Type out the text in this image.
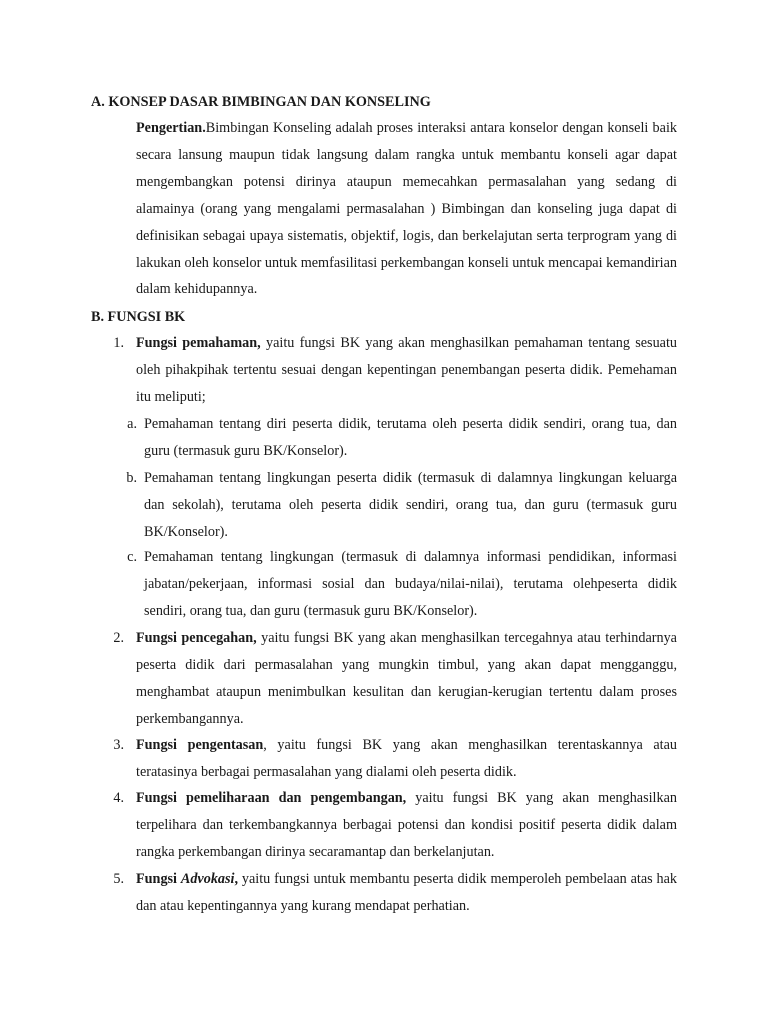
A. KONSEP DASAR BIMBINGAN DAN KONSELING
Pengertian.Bimbingan Konseling adalah proses interaksi antara konselor dengan konseli baik secara lansung maupun tidak langsung dalam rangka untuk membantu konseli agar dapat mengembangkan potensi dirinya ataupun memecahkan permasalahan yang sedang di alamainya (orang yang mengalami permasalahan ) Bimbingan dan konseling juga dapat di definisikan sebagai upaya sistematis, objektif, logis, dan berkelajutan serta terprogram yang di lakukan oleh konselor untuk memfasilitasi perkembangan konseli untuk mencapai kemandirian dalam kehidupannya.
B. FUNGSI BK
1. Fungsi pemahaman, yaitu fungsi BK yang akan menghasilkan pemahaman tentang sesuatu oleh pihakpihak tertentu sesuai dengan kepentingan penembangan peserta didik. Pemehaman itu meliputi;
a. Pemahaman tentang diri peserta didik, terutama oleh peserta didik sendiri, orang tua, dan guru (termasuk guru BK/Konselor).
b. Pemahaman tentang lingkungan peserta didik (termasuk di dalamnya lingkungan keluarga dan sekolah), terutama oleh peserta didik sendiri, orang tua, dan guru (termasuk guru BK/Konselor).
c. Pemahaman tentang lingkungan (termasuk di dalamnya informasi pendidikan, informasi jabatan/pekerjaan, informasi sosial dan budaya/nilai-nilai), terutama olehpeserta didik sendiri, orang tua, dan guru (termasuk guru BK/Konselor).
2. Fungsi pencegahan, yaitu fungsi BK yang akan menghasilkan tercegahnya atau terhindarnya peserta didik dari permasalahan yang mungkin timbul, yang akan dapat mengganggu, menghambat ataupun menimbulkan kesulitan dan kerugian-kerugian tertentu dalam proses perkembangannya.
3. Fungsi pengentasan, yaitu fungsi BK yang akan menghasilkan terentaskannya atau teratasinya berbagai permasalahan yang dialami oleh peserta didik.
4. Fungsi pemeliharaan dan pengembangan, yaitu fungsi BK yang akan menghasilkan terpelihara dan terkembangkannya berbagai potensi dan kondisi positif peserta didik dalam rangka perkembangan dirinya secaramantap dan berkelanjutan.
5. Fungsi Advokasi, yaitu fungsi untuk membantu peserta didik memperoleh pembelaan atas hak dan atau kepentingannya yang kurang mendapat perhatian.
